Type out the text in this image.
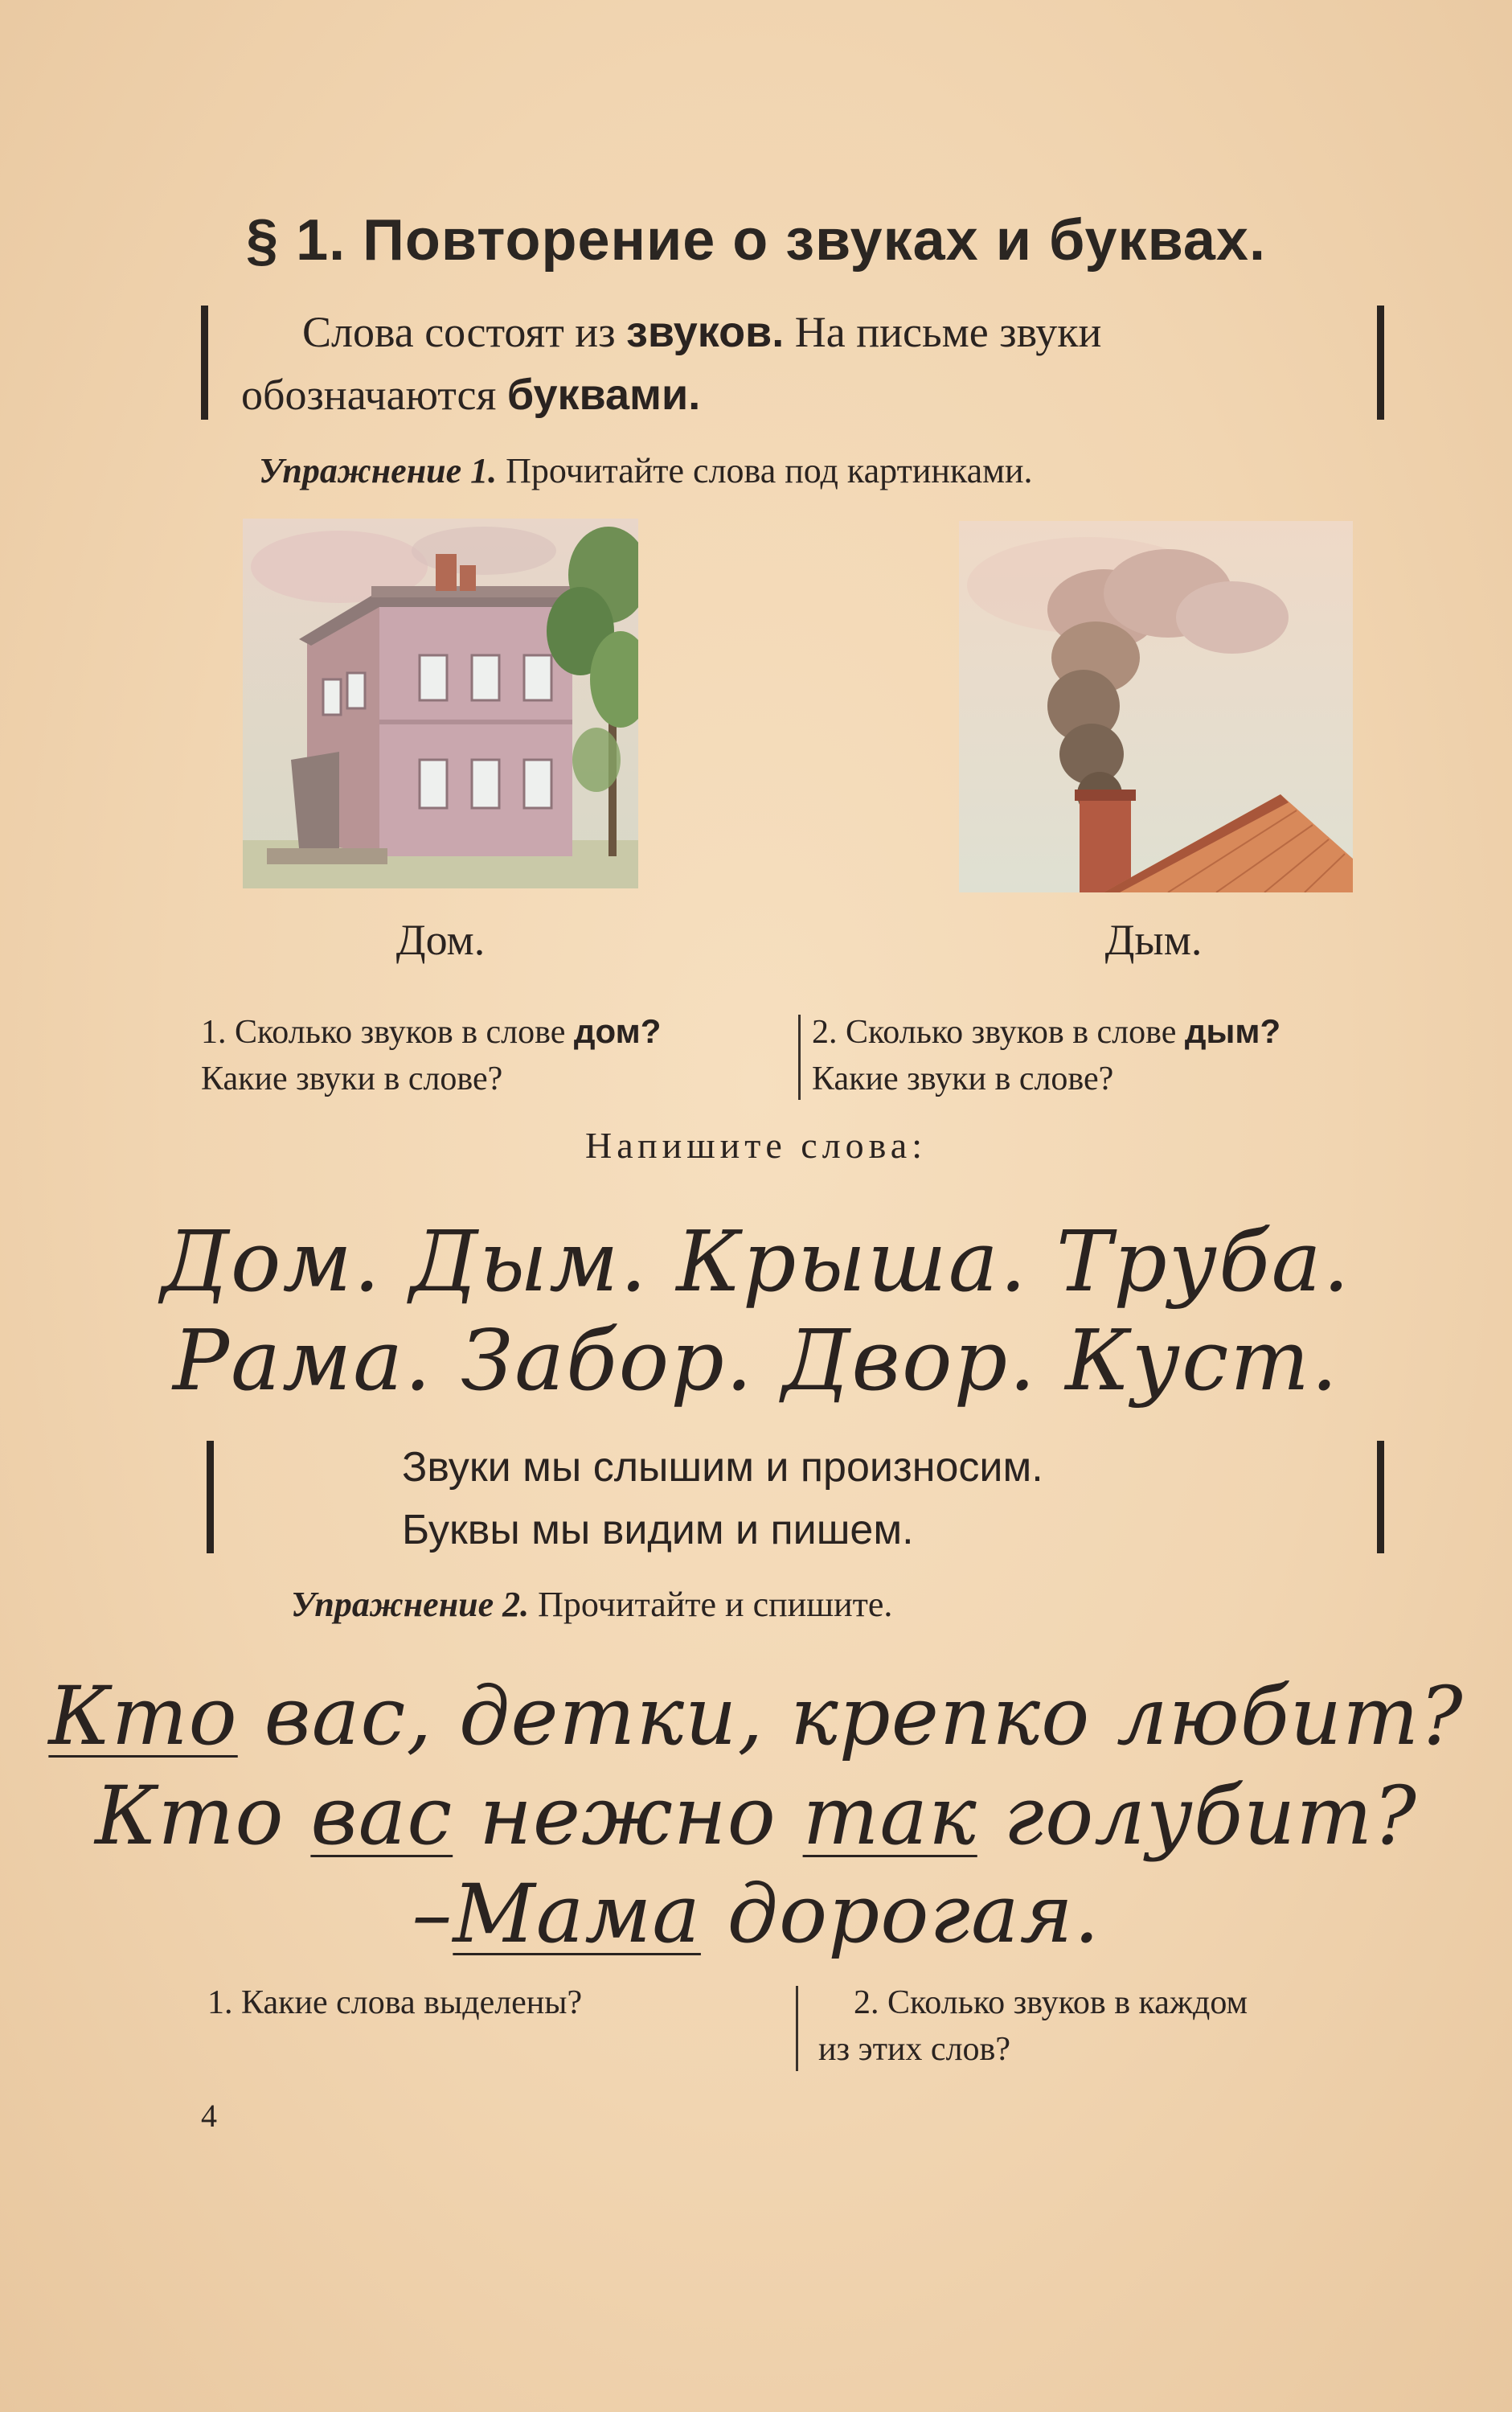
§ 1. Повторение о звуках и буквах.
Слова состоят из звуков. На письме звуки
обозначаются буквами.
Упражнение 1. Прочитайте слова под картинками.
Дом.	Дым.
1. Сколько звуков в слове дом?
Какие звуки в слове?
2. Сколько звуков в слове дым?
Какие звуки в слове?
Напишите слова:
Дом. Дым. Крыша. Труба.
Рама. Забор. Двор. Куст.
Звуки мы слышим и произносим.
Буквы мы видим и пишем.
Упражнение 2. Прочитайте и спишите.
Кто вас, детки, крепко любит?
Кто вас нежно так голубит?
–Мама дорогая.
1. Какие слова выделены?	2. Сколько звуков в каждом
из этих слов?
4
